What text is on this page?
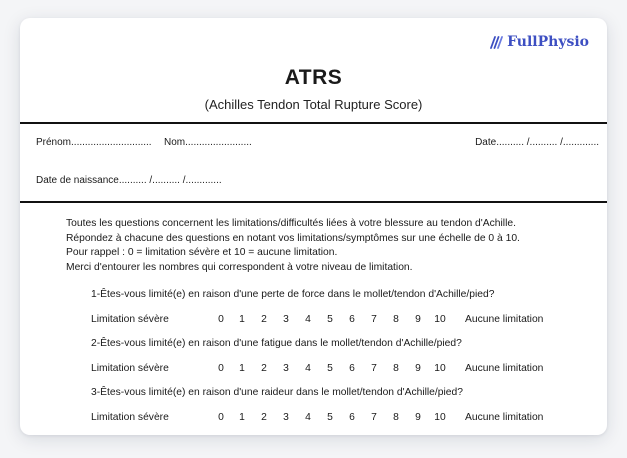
FullPhysio
ATRS
(Achilles Tendon Total Rupture Score)
Prénom............................. Nom........................	Date.......... /.......... /.............
Date de naissance.......... /.......... /.............
Toutes les questions concernent les limitations/difficultés liées à votre blessure au tendon d'Achille.
Répondez à chacune des questions en notant vos limitations/symptômes sur une échelle de 0 à 10.
Pour rappel : 0 = limitation sévère et 10 = aucune limitation.
Merci d'entourer les nombres qui correspondent à votre niveau de limitation.
1-Êtes-vous limité(e) en raison d'une perte de force dans le mollet/tendon d'Achille/pied?
Limitation sévère	0	1	2	3	4	5	6	7	8	9	10	Aucune limitation
2-Êtes-vous limité(e) en raison d'une fatigue dans le mollet/tendon d'Achille/pied?
Limitation sévère	0	1	2	3	4	5	6	7	8	9	10	Aucune limitation
3-Êtes-vous limité(e) en raison d'une raideur dans le mollet/tendon d'Achille/pied?
Limitation sévère	0	1	2	3	4	5	6	7	8	9	10	Aucune limitation
